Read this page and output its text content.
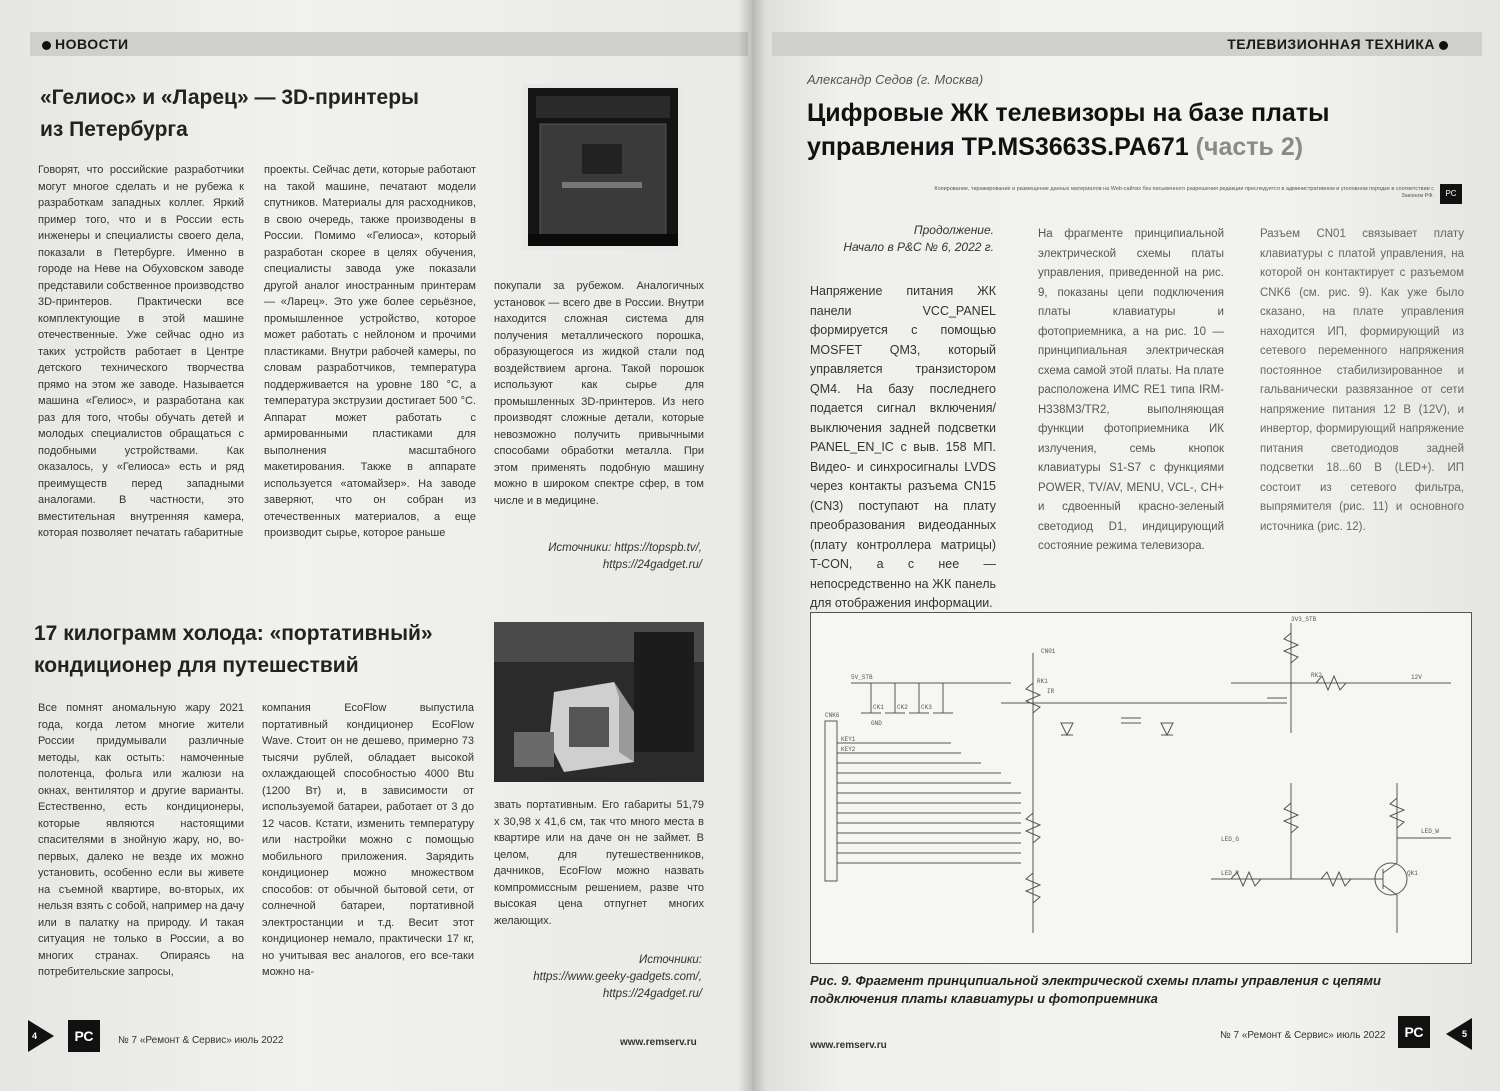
НОВОСТИ
«Гелиос» и «Ларец» — 3D-принтеры
из Петербурга

Говорят, что российские разработчики могут многое сделать и не рубежа к разработкам западных коллег. Яркий пример того, что и в России есть инженеры и специалисты своего дела, показали в Петербурге. Именно в городе на Неве на Обуховском заводе представили собственное производство 3D-принтеров. Практически все комплектующие в этой машине отечественные. Уже сейчас одно из таких устройств работает в Центре детского технического творчества прямо на этом же заводе. Называется машина «Гелиос», и разработана как раз для того, чтобы обучать детей и молодых специалистов обращаться с подобными устройствами. Как оказалось, у «Гелиоса» есть и ряд преимуществ перед западными аналогами. В частности, это вместительная внутренняя камера, которая позволяет печатать габаритные

проекты. Сейчас дети, которые работают на такой машине, печатают модели спутников. Материалы для расходников, в свою очередь, также производены в России. Помимо «Гелиоса», который разработан скорее в целях обучения, специалисты завода уже показали другой аналог иностранным принтерам — «Ларец». Это уже более серьёзное, промышленное устройство, которое может работать с нейлоном и прочими пластиками. Внутри рабочей камеры, по словам разработчиков, температура поддерживается на уровне 180 °С, а температура экструзии достигает 500 °С. Аппарат может работать с армированными пластиками для выполнения масштабного макетирования. Также в аппарате используется «атомайзер». На заводе заверяют, что он собран из отечественных материалов, а еще производит сырье, которое раньше

покупали за рубежом. Аналогичных установок — всего две в России. Внутри находится сложная система для получения металлического порошка, образующегося из жидкой стали под воздействием аргона. Такой порошок используют как сырье для промышленных 3D-принтеров. Из него производят сложные детали, которые невозможно получить привычными способами обработки металла. При этом применять подобную машину можно в широком спектре сфер, в том числе и в медицине.

Источники: https://topspb.tv/,
https://24gadget.ru/
17 килограмм холода: «портативный»
кондиционер для путешествий

Все помнят аномальную жару 2021 года, когда летом многие жители России придумывали различные методы, как остыть: намоченные полотенца, фольга или жалюзи на окнах, вентилятор и другие варианты. Естественно, есть кондиционеры, которые являются настоящими спасителями в знойную жару, но, во-первых, далеко не везде их можно установить, особенно если вы живете на съемной квартире, во-вторых, их нельзя взять с собой, например на дачу или в палатку на природу. И такая ситуация не только в России, а во многих странах. Опираясь на потребительские запросы,

компания EcoFlow выпустила портативный кондиционер EcoFlow Wave. Стоит он не дешево, примерно 73 тысячи рублей, обладает высокой охлаждающей способностью 4000 Btu (1200 Вт) и, в зависимости от используемой батареи, работает от 3 до 12 часов. Кстати, изменить температуру или настройки можно с помощью мобильного приложения. Зарядить кондиционер можно множеством способов: от обычной бытовой сети, от солнечной батареи, портативной электростанции и т.д. Весит этот кондиционер немало, практически 17 кг, но учитывая вес аналогов, его все-таки можно на-

звать портативным. Его габариты 51,79 х 30,98 х 41,6 см, так что много места в квартире или на даче он не займет. В целом, для путешественников, дачников, EcoFlow можно назвать компромиссным решением, разве что высокая цена отпугнет многих желающих.

Источники:
https://www.geeky-gadgets.com/,
https://24gadget.ru/
4	РС	№ 7 «Ремонт & Сервис» июль 2022	www.remserv.ru
ТЕЛЕВИЗИОННАЯ ТЕХНИКА
Александр Седов (г. Москва)
Цифровые ЖК телевизоры на базе платы управления TP.MS3663S.PA671 (часть 2)
Копирование, тиражирование и размещение данных материалов на Web-сайтах без письменного разрешения редакции преследуется в административном и уголовном порядке в соответствии с Законом РФ.	РС
Продолжение.
Начало в Р&С № 6, 2022 г.

Напряжение питания ЖК панели VCC_PANEL формируется с помощью MOSFET QM3, который управляется транзистором QM4. На базу последнего подается сигнал включения/выключения задней подсветки PANEL_EN_IC с выв. 158 МП. Видео- и синхросигналы LVDS через контакты разъема CN15 (CN3) поступают на плату преобразования видеоданных (плату контроллера матрицы) T-CON, а с нее — непосредственно на ЖК панель для отображения информации.

На фрагменте принципиальной электрической схемы платы управления, приведенной на рис. 9, показаны цепи подключения платы клавиатуры и фотоприемника, а на рис. 10 — принципиальная электрическая схема самой этой платы. На плате расположена ИМС RE1 типа IRM-H338M3/TR2, выполняющая функции фотоприемника ИК излучения, семь кнопок клавиатуры S1-S7 с функциями POWER, TV/AV, MENU, VCL-, CH+ и сдвоенный красно-зеленый светодиод D1, индицирующий состояние режима телевизора.

Разъем CN01 связывает плату клавиатуры с платой управления, на которой он контактирует с разъемом CNK6 (см. рис. 9). Как уже было сказано, на плате управления находится ИП, формирующий из сетевого переменного напряжения постоянное стабилизированное и гальванически развязанное от сети напряжение питания 12 В (12V), и инвертор, формирующий напряжение питания светодиодов задней подсветки 18...60 В (LED+). ИП состоит из сетевого фильтра, выпрямителя (рис. 11) и основного источника (рис. 12).

CNK6
5V_STB
GND
CN01
3V3_STB
IR
LED_R
LED_G
KEY1
KEY2
RK1
RK2
CK1 CK2 CK3
QK1
LED_W
12V
Рис. 9. Фрагмент принципиальной электрической схемы платы управления с цепями подключения платы клавиатуры и фотоприемника
www.remserv.ru
№ 7 «Ремонт & Сервис» июль 2022	РС	5
